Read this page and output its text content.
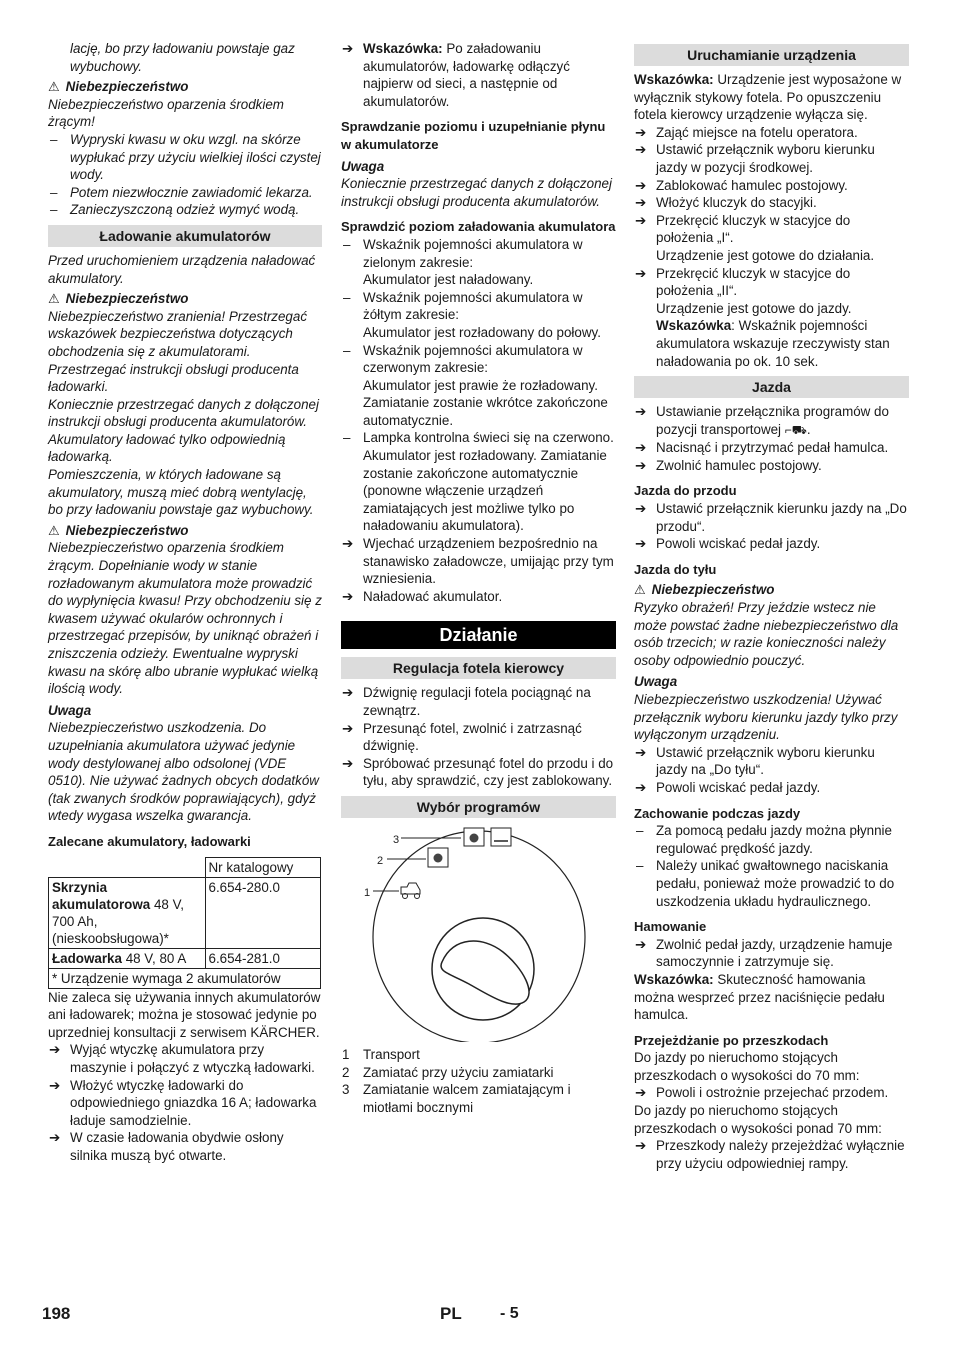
lację, bo przy ładowaniu powstaje gaz

wybuchowy.

⚠ Niebezpieczeństwo

Niebezpieczeństwo oparzenia środkiem żrącym!

– Wypryski kwasu w oku wzgl. na skórze wypłukać przy użyciu wielkiej ilości czystej wody.
– Potem niezwłocznie zawiadomić lekarza.
– Zanieczyszczoną odzież wymyć wodą.
Ładowanie akumulatorów

Przed uruchomieniem urządzenia naładować akumulatory.

⚠ Niebezpieczeństwo

Niebezpieczeństwo zranienia! Przestrzegać wskazówek bezpieczeństwa dotyczących obchodzenia się z akumulatorami. Przestrzegać instrukcji obsługi producenta ładowarki.

Koniecznie przestrzegać danych z dołączonej instrukcji obsługi producenta akumulatorów.

Akumulatory ładować tylko odpowiednią ładowarką.

Pomieszczenia, w których ładowane są akumulatory, muszą mieć dobrą wentylację, bo przy ładowaniu powstaje gaz wybuchowy.

⚠ Niebezpieczeństwo

Niebezpieczeństwo oparzenia środkiem żrącym. Dopełnianie wody w stanie rozładowanym akumulatora może prowadzić do wypłynięcia kwasu! Przy obchodzeniu się z kwasem używać okularów ochronnych i przestrzegać przepisów, by uniknąć obrażeń i zniszczenia odzieży. Ewentualne wypryski kwasu na skórę albo ubranie wypłukać wielką ilością wody.

Uwaga

Niebezpieczeństwo uszkodzenia. Do uzupełniania akumulatora używać jedynie wody destylowanej albo odsolonej (VDE 0510). Nie używać żadnych obcych dodatków (tak zwanych środków poprawiających), gdyż wtedy wygasa wszelka gwarancja.

Zalecane akumulatory, ładowarki

	Nr katalogowy
Skrzynia akumulatorowa 48 V, 700 Ah, (nieskoobsługowa)*	6.654-280.0
Ładowarka 48 V, 80 A	6.654-281.0
* Urządzenie wymaga 2 akumulatorów	

Nie zaleca się używania innych akumulatorów ani ładowarek; można je stosować jedynie po uprzedniej konsultacji z serwisem KÄRCHER.

➔ Wyjąć wtyczkę akumulatora przy maszynie i połączyć z wtyczką ładowarki.
➔ Włożyć wtyczkę ładowarki do odpowiedniego gniazdka 16 A; ładowarka ładuje samodzielnie.
➔ W czasie ładowania obydwie osłony silnika muszą być otwarte.
➔ Wskazówka: Po załadowaniu akumulatorów, ładowarkę odłączyć najpierw od sieci, a następnie od akumulatorów.

Sprawdzanie poziomu i uzupełnianie płynu w akumulatorze

Uwaga

Koniecznie przestrzegać danych z dołączonej instrukcji obsługi producenta akumulatorów.

Sprawdzić poziom załadowania akumulatora

– Wskaźnik pojemności akumulatora w zielonym zakresie:

Akumulator jest naładowany.

– Wskaźnik pojemności akumulatora w żółtym zakresie:

Akumulator jest rozładowany do połowy.

– Wskaźnik pojemności akumulatora w czerwonym zakresie:

Akumulator jest prawie że rozładowany. Zamiatanie zostanie wkrótce zakończone automatycznie.

– Lampka kontrolna świeci się na czerwono.

Akumulator jest rozładowany. Zamiatanie zostanie zakończone automatycznie (ponowne włączenie urządzeń zamiatających jest możliwe tylko po naładowaniu akumulatora).

➔ Wjechać urządzeniem bezpośrednio na stanawisko załadowcze, umijając przy tym wzniesienia.
➔ Naładować akumulator.
Działanie
Regulacja fotela kierowcy
➔ Dźwignię regulacji fotela pociągnąć na zewnątrz.
➔ Przesunąć fotel, zwolnić i zatrzasnąć dźwignię.
➔ Spróbować przesunąć fotel do przodu i do tyłu, aby sprawdzić, czy jest zablokowany.
Wybór programów
3
2
1
1 Transport
2 Zamiatać przy użyciu zamiatarki
3 Zamiatanie walcem zamiatającym i miotłami bocznymi
Uruchamianie urządzenia

Wskazówka: Urządzenie jest wyposażone w wyłącznik stykowy fotela. Po opuszczeniu fotela kierowcy urządzenie wyłącza się.

➔ Zająć miejsce na fotelu operatora.
➔ Ustawić przełącznik wyboru kierunku jazdy w pozycji środkowej.
➔ Zablokować hamulec postojowy.
➔ Włożyć kluczyk do stacyjki.
➔ Przekręcić kluczyk w stacyjce do położenia „I“.

Urządzenie jest gotowe do działania.

➔ Przekręcić kluczyk w stacyjce do położenia „II“.

Urządzenie jest gotowe do jazdy.

Wskazówka: Wskaźnik pojemności akumulatora wskazuje rzeczywisty stan naładowania po ok. 10 sek.

Jazda
➔ Ustawianie przełącznika programów do pozycji transportowej ⌐⛟.
➔ Nacisnąć i przytrzymać pedał hamulca.
➔ Zwolnić hamulec postojowy.

Jazda do przodu

➔ Ustawić przełącznik kierunku jazdy na „Do przodu“.
➔ Powoli wciskać pedał jazdy.

Jazda do tyłu

⚠ Niebezpieczeństwo

Ryzyko obrażeń! Przy jeździe wstecz nie może powstać żadne niebezpieczeństwo dla osób trzecich; w razie konieczności należy osoby odpowiednio pouczyć.

Uwaga

Niebezpieczeństwo uszkodzenia! Używać przełącznik wyboru kierunku jazdy tylko przy wyłączonym urządzeniu.

➔ Ustawić przełącznik wyboru kierunku jazdy na „Do tyłu“.
➔ Powoli wciskać pedał jazdy.

Zachowanie podczas jazdy

– Za pomocą pedału jazdy można płynnie regulować prędkość jazdy.
– Należy unikać gwałtownego naciskania pedału, ponieważ może prowadzić to do uszkodzenia układu hydraulicznego.

Hamowanie

➔ Zwolnić pedał jazdy, urządzenie hamuje samoczynnie i zatrzymuje się.

Wskazówka: Skuteczność hamowania można wesprzeć przez naciśnięcie pedału hamulca.

Przejeżdżanie po przeszkodach

Do jazdy po nieruchomo stojących przeszkodach o wysokości do 70 mm:

➔ Powoli i ostrożnie przejechać przodem.

Do jazdy po nieruchomo stojących przeszkodach o wysokości ponad 70 mm:

➔ Przeszkody należy przejeżdżać wyłącznie przy użyciu odpowiedniej rampy.
198	PL - 5
